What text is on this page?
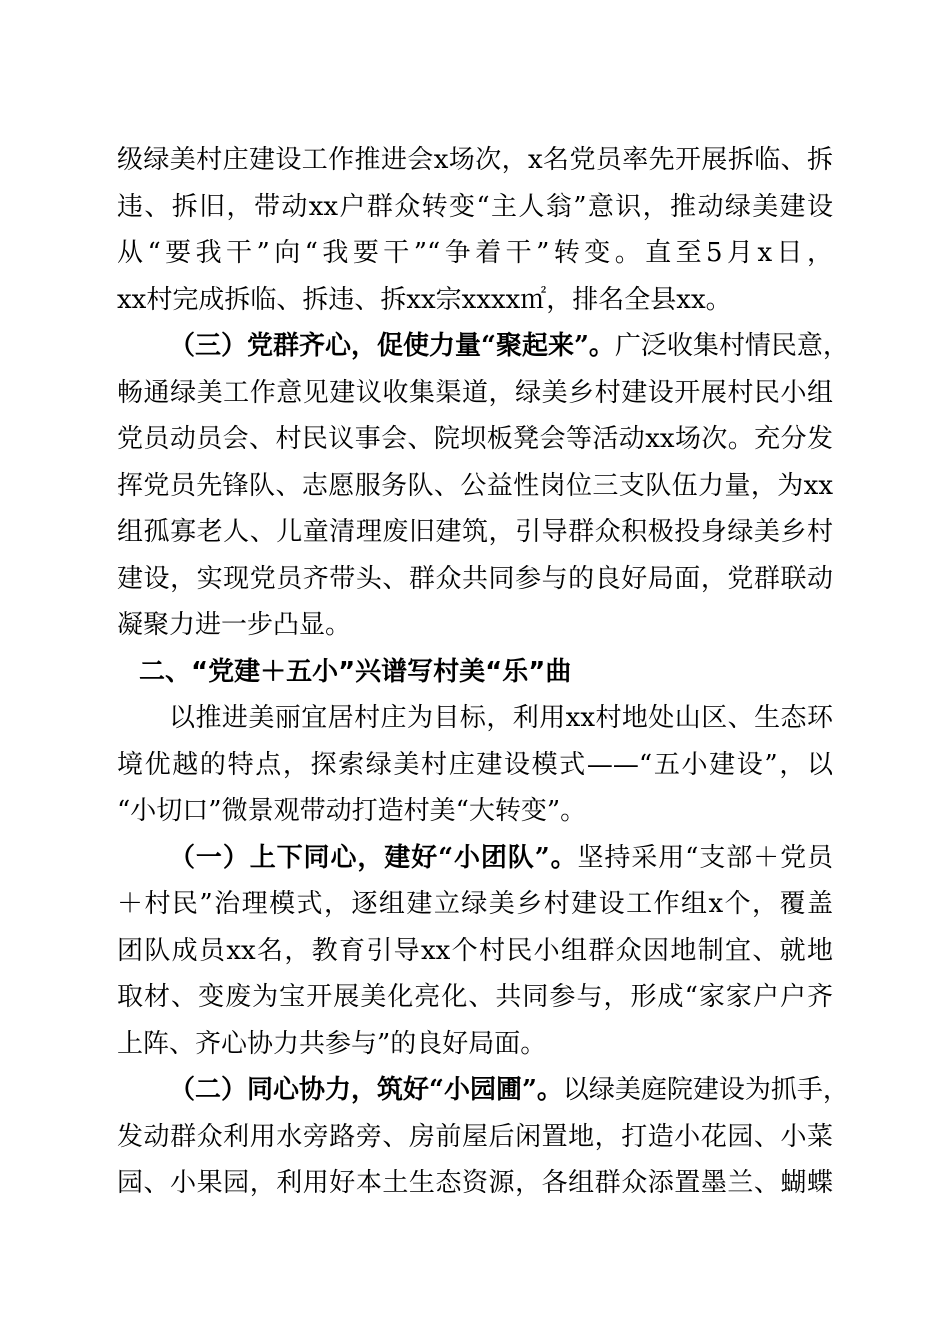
级绿美村庄建设工作推进会x场次，x名党员率先开展拆临、拆
违、拆旧，带动xx户群众转变“主人翁”意识，推动绿美建设
从“要我干”向“我要干”“争着干”转变。直至5月x日，
xx村完成拆临、拆违、拆xx宗xxxx㎡，排名全县xx。
（三）党群齐心，促使力量“聚起来”。广泛收集村情民意，
畅通绿美工作意见建议收集渠道，绿美乡村建设开展村民小组
党员动员会、村民议事会、院坝板凳会等活动xx场次。充分发
挥党员先锋队、志愿服务队、公益性岗位三支队伍力量，为xx
组孤寡老人、儿童清理废旧建筑，引导群众积极投身绿美乡村
建设，实现党员齐带头、群众共同参与的良好局面，党群联动
凝聚力进一步凸显。
二、“党建＋五小”兴谱写村美“乐”曲
以推进美丽宜居村庄为目标，利用xx村地处山区、生态环
境优越的特点，探索绿美村庄建设模式——“五小建设”，以
“小切口”微景观带动打造村美“大转变”。
（一）上下同心，建好“小团队”。坚持采用“支部＋党员
＋村民”治理模式，逐组建立绿美乡村建设工作组x个，覆盖
团队成员xx名，教育引导xx个村民小组群众因地制宜、就地
取材、变废为宝开展美化亮化、共同参与，形成“家家户户齐
上阵、齐心协力共参与”的良好局面。
（二）同心协力，筑好“小园圃”。以绿美庭院建设为抓手，
发动群众利用水旁路旁、房前屋后闲置地，打造小花园、小菜
园、小果园，利用好本土生态资源，各组群众添置墨兰、蝴蝶
